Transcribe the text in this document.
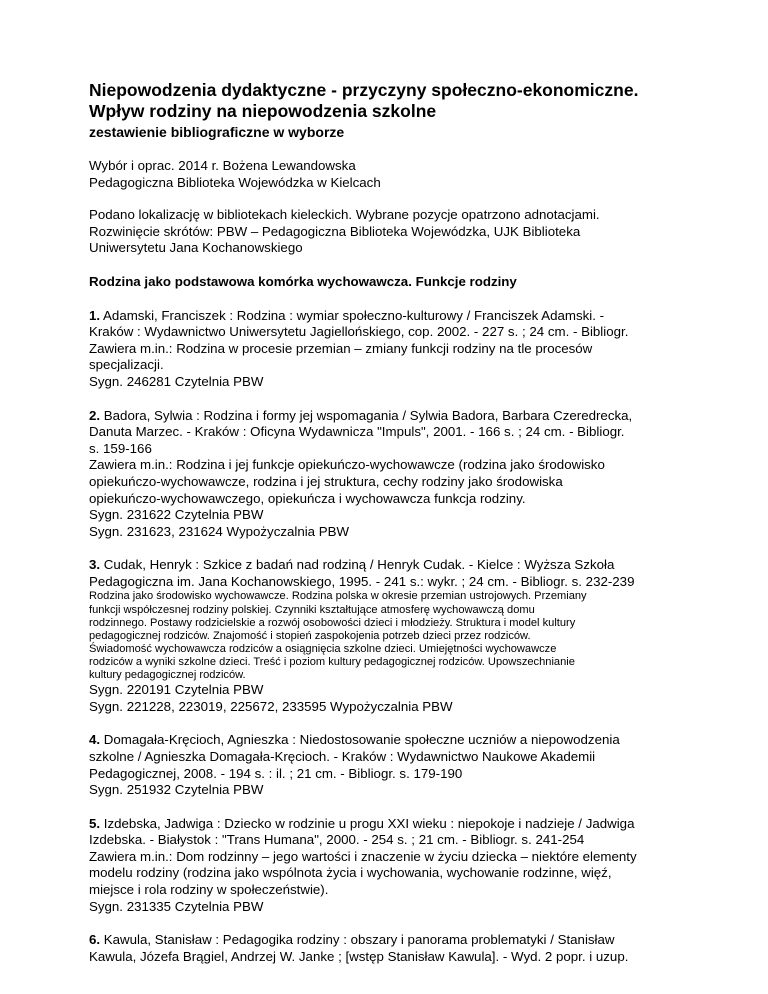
Niepowodzenia dydaktyczne - przyczyny społeczno-ekonomiczne.
Wpływ rodziny na niepowodzenia szkolne
zestawienie bibliograficzne w wyborze
Wybór i oprac. 2014 r. Bożena Lewandowska
Pedagogiczna Biblioteka Wojewódzka w Kielcach
Podano lokalizację w bibliotekach kieleckich. Wybrane pozycje opatrzono adnotacjami.
Rozwinięcie skrótów: PBW – Pedagogiczna Biblioteka Wojewódzka, UJK Biblioteka
Uniwersytetu Jana Kochanowskiego
Rodzina jako podstawowa komórka wychowawcza. Funkcje rodziny
1. Adamski, Franciszek : Rodzina : wymiar społeczno-kulturowy / Franciszek Adamski. -
Kraków : Wydawnictwo Uniwersytetu Jagiellońskiego, cop. 2002. - 227 s. ; 24 cm. - Bibliogr.
Zawiera m.in.: Rodzina w procesie przemian – zmiany funkcji rodziny na tle procesów
specjalizacji.
Sygn. 246281 Czytelnia PBW
2. Badora, Sylwia : Rodzina i formy jej wspomagania / Sylwia Badora, Barbara Czeredrecka,
Danuta Marzec. - Kraków : Oficyna Wydawnicza "Impuls", 2001. - 166 s. ; 24 cm. - Bibliogr.
s. 159-166
Zawiera m.in.: Rodzina i jej funkcje opiekuńczo-wychowawcze (rodzina jako środowisko
opiekuńczo-wychowawcze, rodzina i jej struktura, cechy rodziny jako środowiska
opiekuńczo-wychowawczego, opiekuńcza i wychowawcza funkcja rodziny.
Sygn. 231622 Czytelnia PBW
Sygn. 231623, 231624 Wypożyczalnia PBW
3. Cudak, Henryk : Szkice z badań nad rodziną / Henryk Cudak. - Kielce : Wyższa Szkoła
Pedagogiczna im. Jana Kochanowskiego, 1995. - 241 s.: wykr. ; 24 cm. - Bibliogr. s. 232-239
Rodzina jako środowisko wychowawcze. Rodzina polska w okresie przemian ustrojowych. Przemiany
funkcji współczesnej rodziny polskiej. Czynniki kształtujące atmosferę wychowawczą domu
rodzinnego. Postawy rodzicielskie a rozwój osobowości dzieci i młodzieży. Struktura i model kultury
pedagogicznej rodziców. Znajomość i stopień zaspokojenia potrzeb dzieci przez rodziców.
Świadomość wychowawcza rodziców a osiągnięcia szkolne dzieci. Umiejętności wychowawcze
rodziców a wyniki szkolne dzieci. Treść i poziom kultury pedagogicznej rodziców. Upowszechnianie
kultury pedagogicznej rodziców.
Sygn. 220191 Czytelnia PBW
Sygn. 221228, 223019, 225672, 233595 Wypożyczalnia PBW
4. Domagała-Kręcioch, Agnieszka : Niedostosowanie społeczne uczniów a niepowodzenia
szkolne / Agnieszka Domagała-Kręcioch. - Kraków : Wydawnictwo Naukowe Akademii
Pedagogicznej, 2008. - 194 s. : il. ; 21 cm. - Bibliogr. s. 179-190
Sygn. 251932 Czytelnia PBW
5. Izdebska, Jadwiga : Dziecko w rodzinie u progu XXI wieku : niepokoje i nadzieje / Jadwiga
Izdebska. - Białystok : "Trans Humana", 2000. - 254 s. ; 21 cm. - Bibliogr. s. 241-254
Zawiera m.in.: Dom rodzinny – jego wartości i znaczenie w życiu dziecka – niektóre elementy
modelu rodziny (rodzina jako wspólnota życia i wychowania, wychowanie rodzinne, więź,
miejsce i rola rodziny w społeczeństwie).
Sygn. 231335 Czytelnia PBW
6. Kawula, Stanisław : Pedagogika rodziny : obszary i panorama problematyki / Stanisław
Kawula, Józefa Brągiel, Andrzej W. Janke ; [wstęp Stanisław Kawula]. - Wyd. 2 popr. i uzup.
